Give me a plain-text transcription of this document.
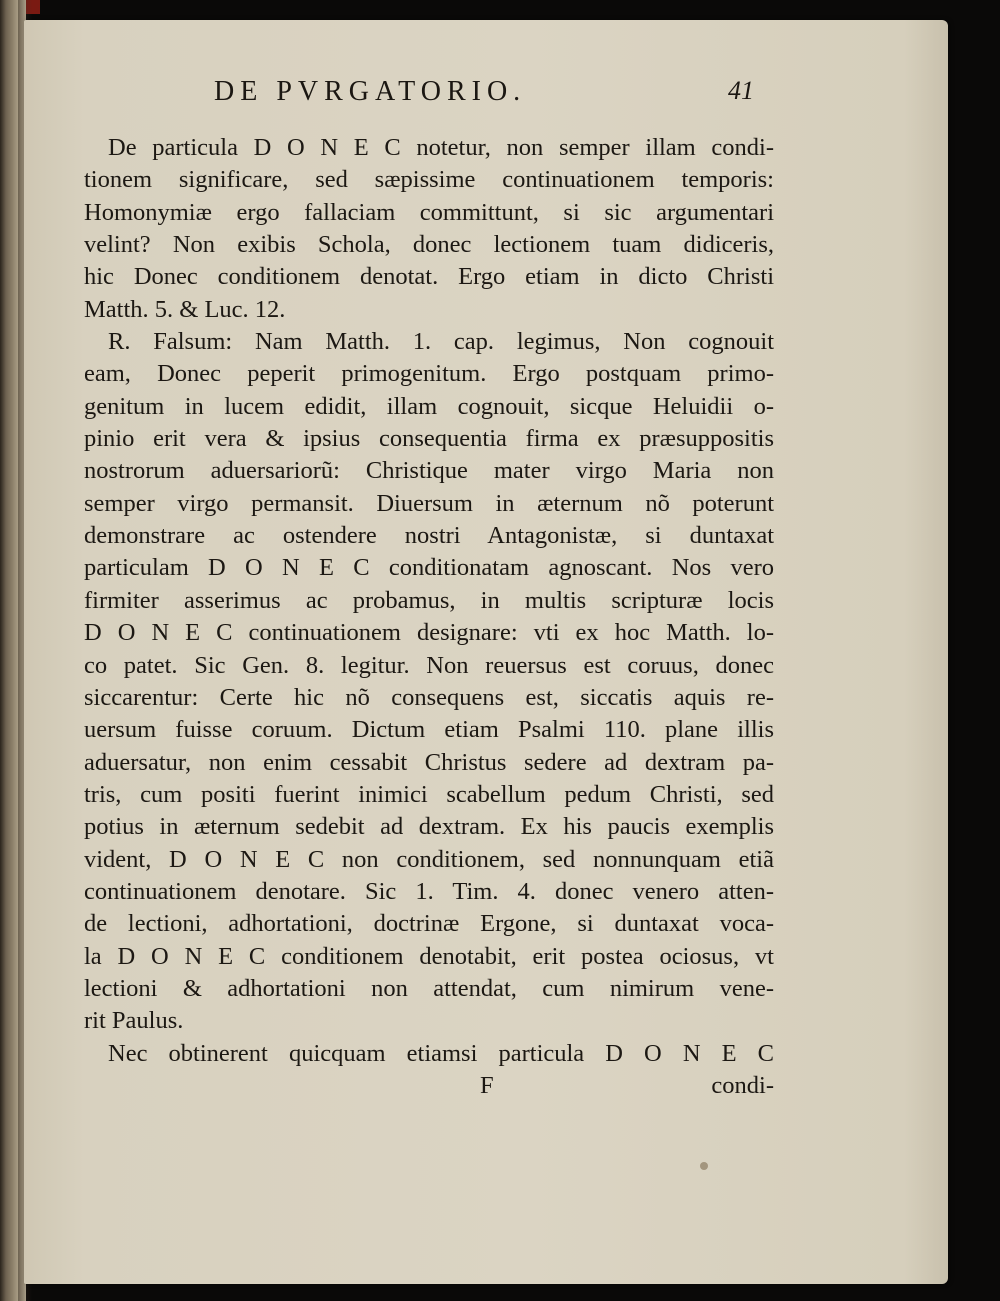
DE PVRGATORIO.	41
De particula D O N E C notetur, non semper illam condi-
tionem significare, sed sæpissime continuationem temporis:
Homonymiæ ergo fallaciam committunt, si sic argumentari
velint? Non exibis Schola, donec lectionem tuam didiceris,
hic Donec conditionem denotat. Ergo etiam in dicto Christi
Matth. 5. & Luc. 12.
R. Falsum: Nam Matth. 1. cap. legimus, Non cognouit
eam, Donec peperit primogenitum. Ergo postquam primo-
genitum in lucem edidit, illam cognouit, sicque Heluidii o-
pinio erit vera & ipsius consequentia firma ex præsuppositis
nostrorum aduersariorũ: Christique mater virgo Maria non
semper virgo permansit. Diuersum in æternum nõ poterunt
demonstrare ac ostendere nostri Antagonistæ, si duntaxat
particulam D O N E C conditionatam agnoscant. Nos vero
firmiter asserimus ac probamus, in multis scripturæ locis
D O N E C continuationem designare: vti ex hoc Matth. lo-
co patet. Sic Gen. 8. legitur. Non reuersus est coruus, donec
siccarentur: Certe hic nõ consequens est, siccatis aquis re-
uersum fuisse coruum. Dictum etiam Psalmi 110. plane illis
aduersatur, non enim cessabit Christus sedere ad dextram pa-
tris, cum positi fuerint inimici scabellum pedum Christi, sed
potius in æternum sedebit ad dextram. Ex his paucis exemplis
vident, D O N E C non conditionem, sed nonnunquam etiã
continuationem denotare. Sic 1. Tim. 4. donec venero atten-
de lectioni, adhortationi, doctrinæ Ergone, si duntaxat voca-
la D O N E C conditionem denotabit, erit postea ociosus, vt
lectioni & adhortationi non attendat, cum nimirum vene-
rit Paulus.
Nec obtinerent quicquam etiamsi particula D O N E C
F	condi-
